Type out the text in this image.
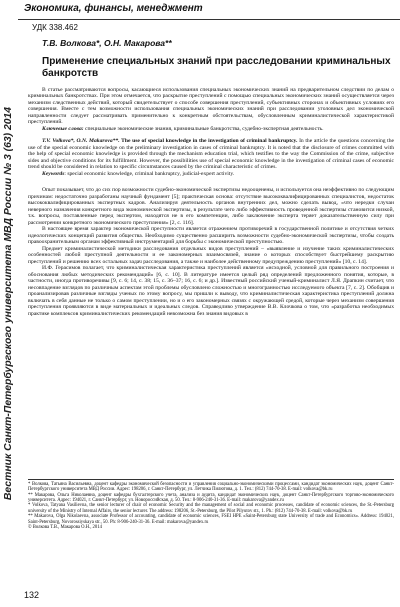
Вестник Санкт-Петербургского университета МВД России № 3 (63) 2014
Экономика, финансы, менеджмент
УДК 338.462
Т.В. Волкова*, О.Н. Макарова**
Применение специальных знаний при расследовании криминальных банкротств

В статье рассматриваются вопросы, касающиеся использования специальных экономических знаний на предварительном следствии по делам о криминальных банкротствах. При этом отмечается, что раскрытие преступлений с помощью специальных экономических знаний осуществляется через механизм следственных действий, который свидетельствует о способе совершения преступлений, субъективных сторонах и объективных условиях его совершения. Вместе с тем возможности использования специальных экономических знаний при расследовании уголовных дел экономической направленности следует рассматривать применительно к конкретным обстоятельствам, обусловленным криминалистической характеристикой преступлений.

Ключевые слова: специальные экономические знания, криминальные банкротства, судебно-экспертная деятельность.

T.V. Volkova*, O.N. Makarova**. The use of special knowledge in the investigation of criminal bankruptcy. In the article the questions concerning the use of the special economic knowledge on the preliminary investigation in cases of criminal bankruptcy. It is noted that the disclosure of crimes committed with the help of special economic knowledge is provided through the mechanism education trial, which testifies to the way the Commission of the crime, subjective sides and objective conditions for its fulfillment. However, the possibilities use of special economic knowledge in the investigation of criminal cases of economic trend should be considered in relation to specific circumstances caused by the criminal characteristic of crimes.

Keywords: special economic knowledge, criminal bankruptcy, judicial-expert activity.

Опыт показывает, что до сих пор возможности судебно-экономической экспертизы недооценены, и используется она неэффективно по следующим причинам: недостаточно разработаны научный фундамент [5]; практическая основа: отсутствие высококвалифицированных специалистов, недостаток высококвалифицированных экспертных кадров. Анализируя деятельность органов внутренних дел, можно сделать вывод, «что нередки случаи неверного назначения конкретного вида экономической экспертизы, в результате чего либо эффективность проведенной экспертизы становится низкой, т.к. вопросы, поставленные перед экспертом, находятся не в его компетенции, либо заключение эксперта теряет доказательственную силу при рассмотрении конкретного экономического преступления» [2, с. 116].

В настоящее время характер экономической преступности является отражением противоречий в государственной политике и отсутствия четких идеологических концепций развития общества. Необходимо существенно расширить возможности судебно-экономической экспертизы, чтобы создать правоохранительным органам эффективный инструментарий для борьбы с экономической преступностью.

Предмет криминалистической методики расследования отдельных видов преступлений – «выявление и изучение таких криминалистических особенностей любой преступной деятельности и ее закономерных взаимосвязей, знание о которых способствует быстрейшему раскрытию преступлений и решению всех остальных задач расследования, а также и наиболее действенному предупреждению преступлений» [10, с. 14].

И.Ф. Герасимов полагает, что криминалистическая характеристика преступлений является «исходной, условной для правильного построения и обоснования любых методических рекомендаций» [6, с. 10]. В литературе имеется целый ряд определений предложенного понятия, которые, в частности, иногда противоречивы [9, с. 6; 14, с. 38; 15, с. 36–37; 16, с. 6; и др.]. Известный российский ученый-криминалист Л.Я. Драпкин считает, что несовпадение взглядов по различным аспектам этой проблемы обусловлено сложностью и многогранностью исследуемого объекта [7, с. 2]. Обобщив и проанализировав различные взгляды ученых по этому вопросу, мы пришли к выводу, что криминалистическая характеристика преступлений должна включать в себя данные не только о самом преступлении, но и о его закономерных связях с окружающей средой, которые через механизм совершения преступления проявляются в виде материальных и идеальных следов. Справедливо утверждение В.В. Клочкова о том, что «разработка необходимых практике комплексов криминалистических рекомендаций невозможна без знания видовых в

* Волкова, Татьяна Васильевна, доцент кафедры экономической безопасности и управления социально-экономическими процессами, кандидат экономических наук, доцент Санкт-Петербургского университета МВД России. Адрес: 198206, г. Санкт-Петербург, ул. Летчика Пилютова, д. 1. Тел.: (812) 744-70-38. E-mail: volkova@bk.ru

** Макарова, Ольга Николаевна, доцент кафедры бухгалтерского учета, анализа и аудита, кандидат экономических наук, доцент Санкт-Петербургского торгово-экономического университета. Адрес: 194021, г. Санкт-Петербург, ул. Новороссийская, д. 50. Тел.: 8-906-240-31-36. E-mail: makarova@yandex.ru

* Volkova, Tatyana Vasilievna, the senior lecturer of chair of economic Security and the management of social and economic processes, candidate of economic sciences, the St.-Petersburg university of the Ministry of Internal Affairs, the senior lecturer. The address: 198206, St.-Petersburg, the Pilot Pilyutov str., 1. Ph.: (812) 744-70-38. E-mail: volkova@bk.ru

** Makarova, Olga Nikolaevna, associate Professor of accounting, candidate of economic sciences, FSEI HPE «Saint-Petersburg state University of trade and Economics». Address: 194021, Saint-Petersburg, Novorossiyskaya str., 50. Ph: 8-906-240-31-36. E-mail: makarova@yandex.ru

© Волкова Т.В., Макарова О.Н., 2014

132
